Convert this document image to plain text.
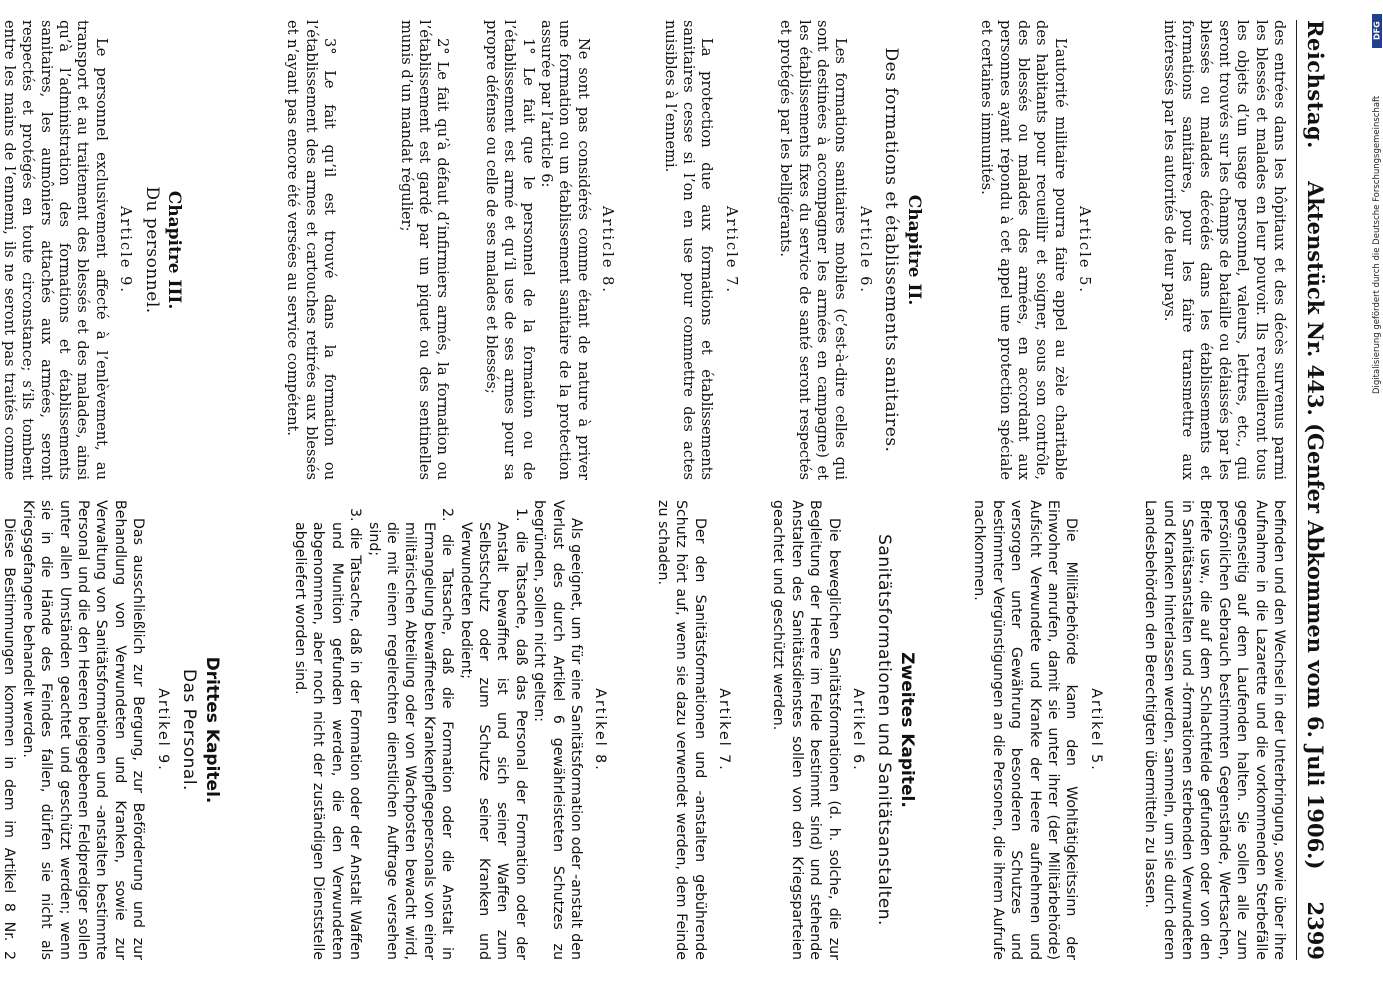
Reichstag.
Aktenstück Nr. 443. (Genfer Abkommen vom 6. Juli 1906.)
2399

des entrées dans les hôpitaux et des décès survenus parmi les blessés et malades en leur pouvoir. Ils recueilleront tous les objets d’un usage personnel, valeurs, lettres, etc., qui seront trouvés sur les champs de bataille ou délaissés par les blessés ou malades décédés dans les établissements et formations sanitaires, pour les faire transmettre aux intéressés par les autorités de leur pays.

Article 5.

L’autorité militaire pourra faire appel au zèle charitable des habitants pour recueillir et soigner, sous son contrôle, des blessés ou malades des armées, en accordant aux personnes ayant répondu à cet appel une protection spéciale et certaines immunités.

Chapitre II.
Des formations et établissements sanitaires.
Article 6.

Les formations sanitaires mobiles (c’est-à-dire celles qui sont destinées à accompagner les armées en campagne) et les établissements fixes du service de santé seront respectés et protégés par les belligérants.

Article 7.

La protection due aux formations et établissements sanitaires cesse si l’on en use pour commettre des actes nuisibles à l’ennemi.

Article 8.

Ne sont pas considérés comme étant de nature à priver une formation ou un établissement sanitaire de la protection assurée par l’article 6:

1° Le fait que le personnel de la formation ou de l’établissement est armé et qu’il use de ses armes pour sa propre défense ou celle de ses malades et blessés;

2° Le fait qu’à défaut d’infirmiers armés, la formation ou l’établissement est gardé par un piquet ou des sentinelles munis d’un mandat régulier;

3° Le fait qu’il est trouvé dans la formation ou l’établissement des armes et cartouches retirées aux blessés et n’ayant pas encore été versées au service compétent.

Chapitre III.
Du personnel.
Article 9.

Le personnel exclusivement affecté à l’enlèvement, au transport et au traitement des blessés et des malades, ainsi qu’à l’administration des formations et établissements sanitaires, les aumôniers attachés aux armées, seront respectés et protégés en toute circonstance; s’ils tombent entre les mains de l’ennemi, ils ne seront pas traités comme

befinden und den Wechsel in der Unterbringung, sowie über ihre Aufnahme in die Lazarette und die vorkommenden Sterbefälle gegenseitig auf dem Laufenden halten. Sie sollen alle zum persönlichen Gebrauch bestimmten Gegenstände, Wertsachen, Briefe usw., die auf dem Schlachtfelde gefunden oder von den in Sanitätsanstalten und -formationen sterbenden Verwundeten und Kranken hinterlassen werden, sammeln, um sie durch deren Landesbehörden den Berechtigten übermitteln zu lassen.

Artikel 5.

Die Militärbehörde kann den Wohltätigkeitssinn der Einwohner anrufen, damit sie unter ihrer (der Militärbehörde) Aufsicht Verwundete und Kranke der Heere aufnehmen und versorgen unter Gewährung besonderen Schutzes und bestimmter Vergünstigungen an die Personen, die ihrem Aufrufe nachkommen.

Zweites Kapitel.
Sanitätsformationen und Sanitätsanstalten.
Artikel 6.

Die beweglichen Sanitätsformationen (d. h. solche, die zur Begleitung der Heere im Felde bestimmt sind) und stehende Anstalten des Sanitätsdienstes sollen von den Kriegsparteien geachtet und geschützt werden.

Artikel 7.

Der den Sanitätsformationen und -anstalten gebührende Schutz hört auf, wenn sie dazu verwendet werden, dem Feinde zu schaden.

Artikel 8.

Als geeignet, um für eine Sanitätsformation oder -anstalt den Verlust des durch Artikel 6 gewährleisteten Schutzes zu begründen, sollen nicht gelten:

1. die Tatsache, daß das Personal der Formation oder der Anstalt bewaffnet ist und sich seiner Waffen zum Selbstschutz oder zum Schutze seiner Kranken und Verwundeten bedient;

2. die Tatsache, daß die Formation oder die Anstalt in Ermangelung bewaffneten Krankenpflegepersonals von einer militärischen Abteilung oder von Wachposten bewacht wird, die mit einem regelrechten dienstlichen Auftrage versehen sind;

3. die Tatsache, daß in der Formation oder der Anstalt Waffen und Munition gefunden werden, die den Verwundeten abgenommen, aber noch nicht der zuständigen Dienststelle abgeliefert worden sind.

Drittes Kapitel.
Das Personal.
Artikel 9.

Das ausschließlich zur Bergung, zur Beförderung und zur Behandlung von Verwundeten und Kranken, sowie zur Verwaltung von Sanitätsformationen und -anstalten bestimmte Personal und die den Heeren beigegebenen Feldprediger sollen unter allen Umständen geachtet und geschützt werden; wenn sie in die Hände des Feindes fallen, dürfen sie nicht als Kriegsgefangene behandelt werden.

Diese Bestimmungen kommen in dem im Artikel 8 Nr. 2

DFG
Digitalisierung gefördert durch die Deutsche Forschungsgemeinschaft
